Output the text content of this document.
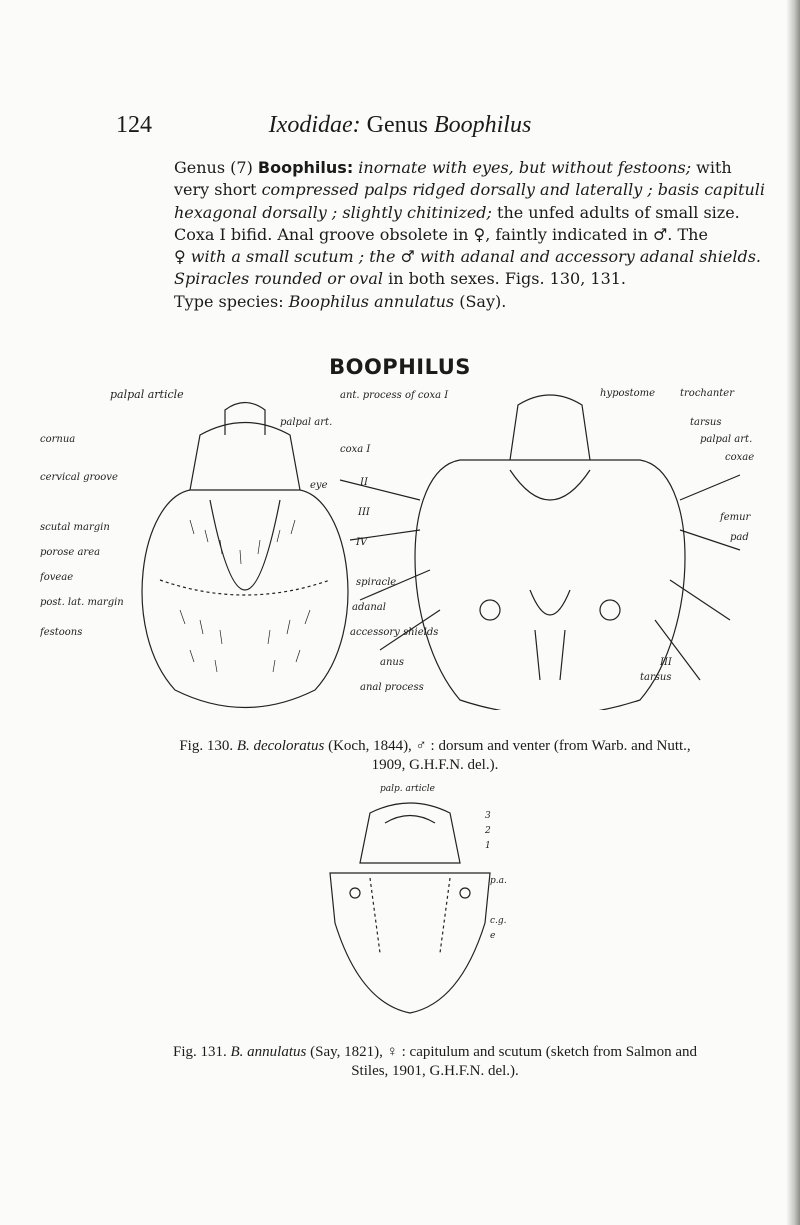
124	Ixodidae: Genus Boophilus
Genus (7) Boophilus: inornate with eyes, but without festoons; with
very short compressed palps ridged dorsally and laterally ; basis capituli
hexagonal dorsally ; slightly chitinized; the unfed adults of small size.
Coxa I bifid. Anal groove obsolete in ♀, faintly indicated in ♂. The
♀ with a small scutum ; the ♂ with adanal and accessory adanal shields.
Spiracles rounded or oval in both sexes. Figs. 130, 131.
Type species: Boophilus annulatus (Say).
BOOPHILUS
palpal article
cornua
cervical groove
eye
scutal margin
porose area
foveae
post. lat. margin
festoons
ant. process of coxa I
palpal art.
coxa I
II
III
IV
spiracle
adanal
accessory shields
anus
anal process
hypostome trochanter
tarsus
palpal art.
coxae
femur
pad
III
tarsus
Fig. 130. B. decoloratus (Koch, 1844), ♂ : dorsum and venter (from Warb. and Nutt.,
1909, G.H.F.N. del.).
palp. article
3
2
1
p.a.
c.g.
e
Fig. 131. B. annulatus (Say, 1821), ♀ : capitulum and scutum (sketch from Salmon and
Stiles, 1901, G.H.F.N. del.).
